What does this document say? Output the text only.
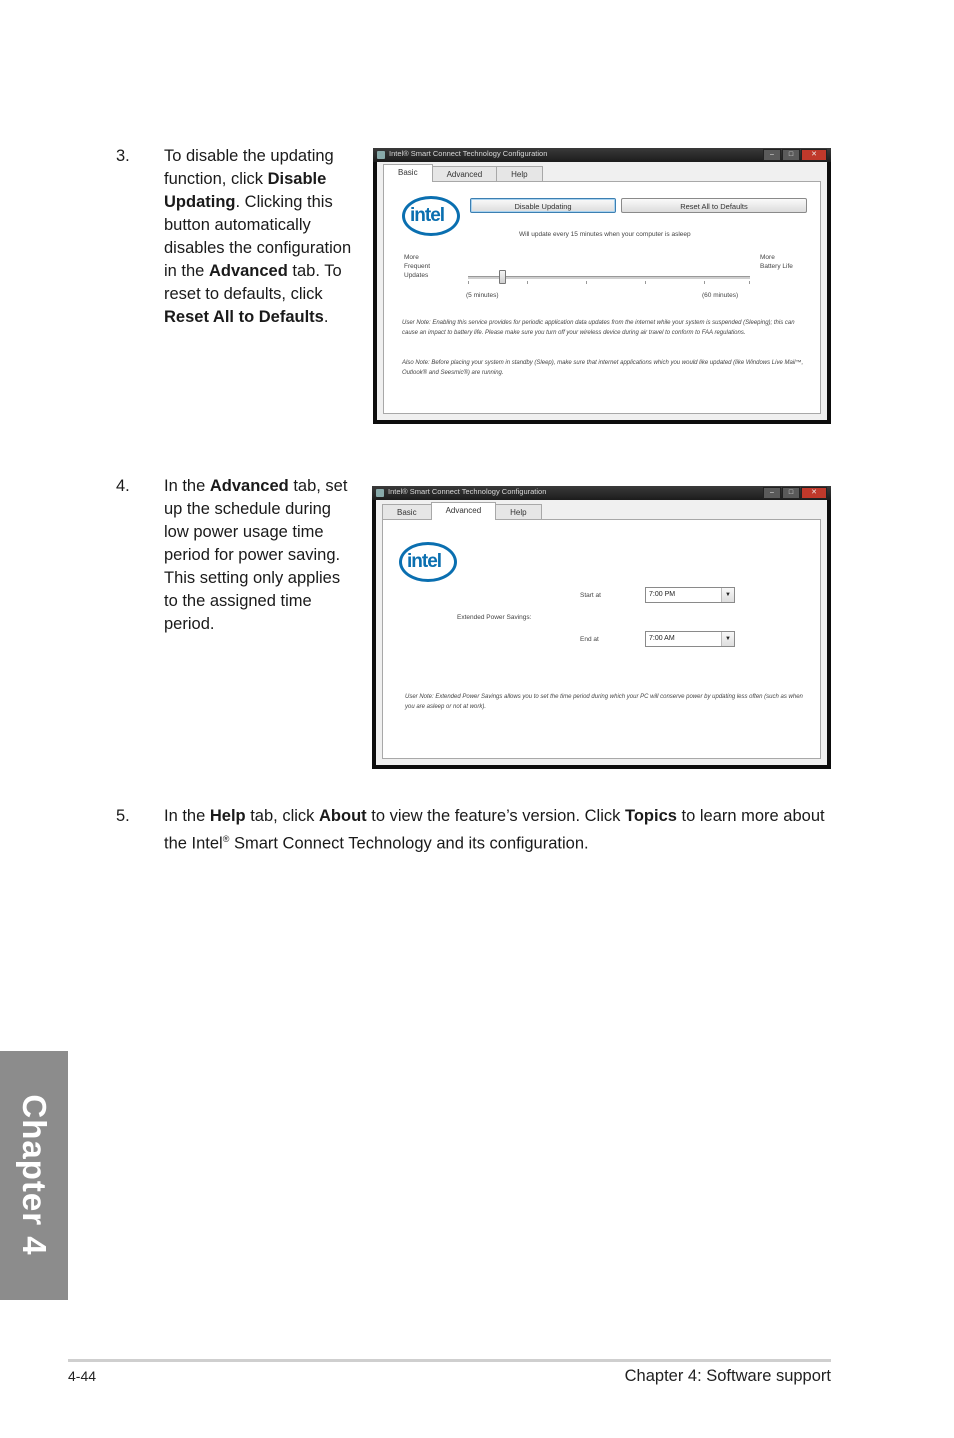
3. To disable the updating function, click Disable Updating. Clicking this button automatically disables the configuration in the Advanced tab. To reset to defaults, click Reset All to Defaults.
Intel® Smart Connect Technology Configuration	–	□	✕
Basic	Advanced	Help
intel	Disable Updating	Reset All to Defaults
Will update every 15 minutes when your computer is asleep
More Frequent Updates
More Battery Life
(5 minutes)	(60 minutes)
User Note: Enabling this service provides for periodic application data updates from the internet while your system is suspended (Sleeping); this can cause an impact to battery life. Please make sure you turn off your wireless device during air travel to conform to FAA regulations.
Also Note: Before placing your system in standby (Sleep), make sure that internet applications which you would like updated (like Windows Live Mail™, Outlook® and Seesmic®) are running.
4. In the Advanced tab, set up the schedule during low power usage time period for power saving. This setting only applies to the assigned time period.
Intel® Smart Connect Technology Configuration	–	□	✕
Basic	Advanced	Help
intel
Start at	7:00 PM	▼
Extended Power Savings:
End at	7:00 AM	▼
User Note: Extended Power Savings allows you to set the time period during which your PC will conserve power by updating less often (such as when you are asleep or not at work).
5. In the Help tab, click About to view the feature’s version. Click Topics to learn more about the Intel® Smart Connect Technology and its configuration.
Chapter 4
4-44	Chapter 4: Software support
